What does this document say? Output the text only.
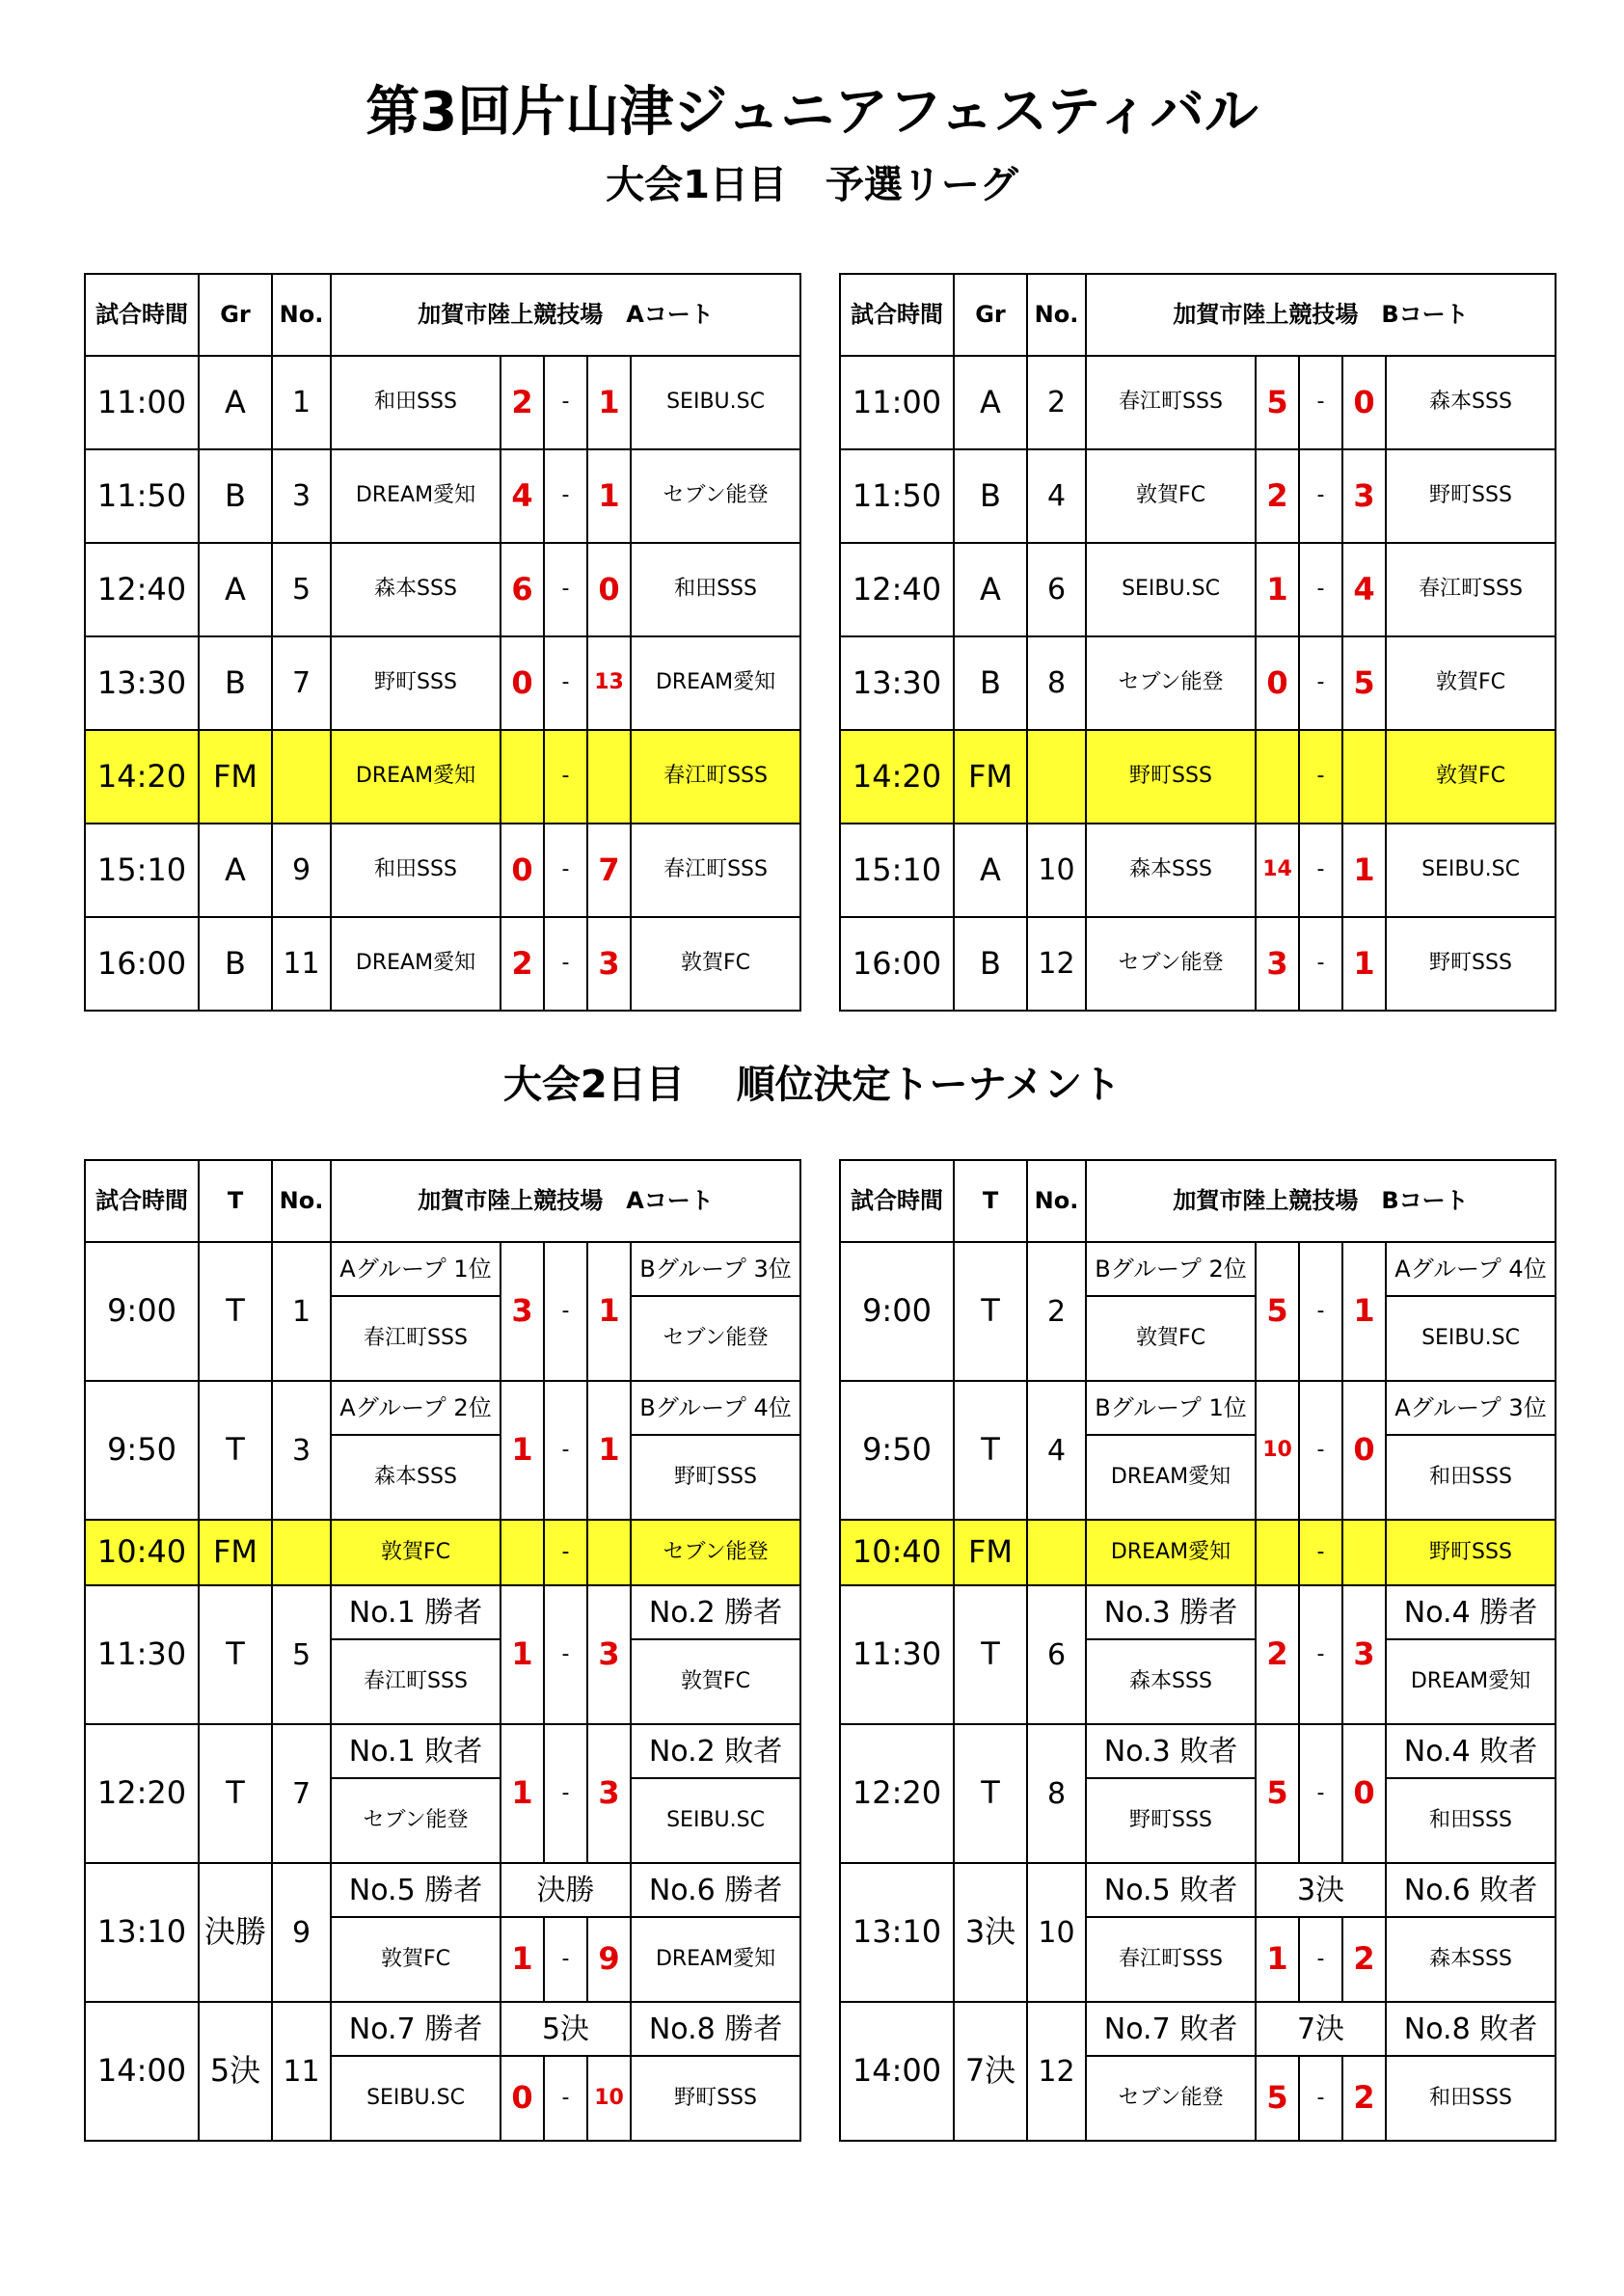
第3回片山津ジュニアフェスティバル
大会1日目　予選リーグ
大会2日目　 順位決定トーナメント
試合時間	Gr	No.	加賀市陸上競技場　Aコート				
11:00	A	1	和田SSS	2	-	1	SEIBU.SC
11:50	B	3	DREAM愛知	4	-	1	セブン能登
12:40	A	5	森本SSS	6	-	0	和田SSS
13:30	B	7	野町SSS	0	-	13	DREAM愛知
14:20	FM		DREAM愛知		-		春江町SSS
15:10	A	9	和田SSS	0	-	7	春江町SSS
16:00	B	11	DREAM愛知	2	-	3	敦賀FC
試合時間	Gr	No.	加賀市陸上競技場　Bコート				
11:00	A	2	春江町SSS	5	-	0	森本SSS
11:50	B	4	敦賀FC	2	-	3	野町SSS
12:40	A	6	SEIBU.SC	1	-	4	春江町SSS
13:30	B	8	セブン能登	0	-	5	敦賀FC
14:20	FM		野町SSS		-		敦賀FC
15:10	A	10	森本SSS	14	-	1	SEIBU.SC
16:00	B	12	セブン能登	3	-	1	野町SSS
試合時間	T	No.	加賀市陸上競技場　Aコート				
9:00	T	1	Aグループ 1位	3	-	1	Bグループ 3位
			春江町SSS				セブン能登
9:50	T	3	Aグループ 2位	1	-	1	Bグループ 4位
			森本SSS				野町SSS
10:40	FM		敦賀FC		-		セブン能登
11:30	T	5	No.1 勝者	1	-	3	No.2 勝者
			春江町SSS				敦賀FC
12:20	T	7	No.1 敗者	1	-	3	No.2 敗者
			セブン能登				SEIBU.SC
13:10	決勝	9	No.5 勝者	決勝			No.6 勝者
			敦賀FC	1	-	9	DREAM愛知
14:00	5決	11	No.7 勝者	5決			No.8 勝者
			SEIBU.SC	0	-	10	野町SSS
試合時間	T	No.	加賀市陸上競技場　Bコート				
9:00	T	2	Bグループ 2位	5	-	1	Aグループ 4位
			敦賀FC				SEIBU.SC
9:50	T	4	Bグループ 1位	10	-	0	Aグループ 3位
			DREAM愛知				和田SSS
10:40	FM		DREAM愛知		-		野町SSS
11:30	T	6	No.3 勝者	2	-	3	No.4 勝者
			森本SSS				DREAM愛知
12:20	T	8	No.3 敗者	5	-	0	No.4 敗者
			野町SSS				和田SSS
13:10	3決	10	No.5 敗者	3決			No.6 敗者
			春江町SSS	1	-	2	森本SSS
14:00	7決	12	No.7 敗者	7決			No.8 敗者
			セブン能登	5	-	2	和田SSS
